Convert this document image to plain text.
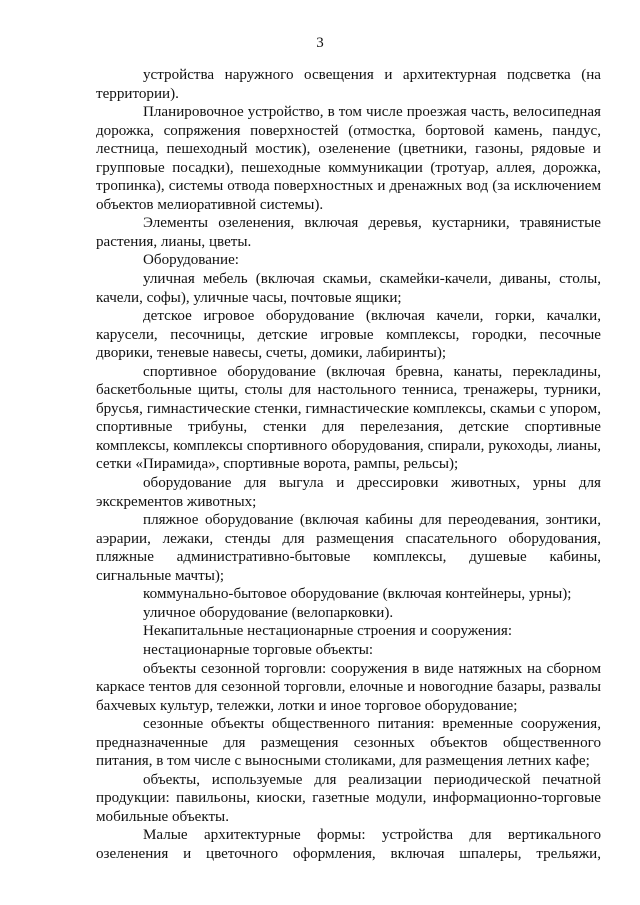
3

устройства наружного освещения и архитектурная подсветка (на территории).

Планировочное устройство, в том числе проезжая часть, велосипедная дорожка, сопряжения поверхностей (отмостка, бортовой камень, пандус, лестница, пешеходный мостик), озеленение (цветники, газоны, рядовые и групповые посадки), пешеходные коммуникации (тротуар, аллея, дорожка, тропинка), системы отвода поверхностных и дренажных вод (за исключением объектов мелиоративной системы).

Элементы озеленения, включая деревья, кустарники, травянистые растения, лианы, цветы.

Оборудование:

уличная мебель (включая скамьи, скамейки-качели, диваны, столы, качели, софы), уличные часы, почтовые ящики;

детское игровое оборудование (включая качели, горки, качалки, карусели, песочницы, детские игровые комплексы, городки, песочные дворики, теневые навесы, счеты, домики, лабиринты);

спортивное оборудование (включая бревна, канаты, перекладины, баскетбольные щиты, столы для настольного тенниса, тренажеры, турники, брусья, гимнастические стенки, гимнастические комплексы, скамьи с упором, спортивные трибуны, стенки для перелезания, детские спортивные комплексы, комплексы спортивного оборудования, спирали, рукоходы, лианы, сетки «Пирамида», спортивные ворота, рампы, рельсы);

оборудование для выгула и дрессировки животных, урны для экскрементов животных;

пляжное оборудование (включая кабины для переодевания, зонтики, аэрарии, лежаки, стенды для размещения спасательного оборудования, пляжные административно-бытовые комплексы, душевые кабины, сигнальные мачты);

коммунально-бытовое оборудование (включая контейнеры, урны);

уличное оборудование (велопарковки).

Некапитальные нестационарные строения и сооружения:

нестационарные торговые объекты:

объекты сезонной торговли: сооружения в виде натяжных на сборном каркасе тентов для сезонной торговли, елочные и новогодние базары, развалы бахчевых культур, тележки, лотки и иное торговое оборудование;

сезонные объекты общественного питания: временные сооружения, предназначенные для размещения сезонных объектов общественного питания, в том числе с выносными столиками, для размещения летних кафе;

объекты, используемые для реализации периодической печатной продукции: павильоны, киоски, газетные модули, информационно-торговые мобильные объекты.

Малые архитектурные формы: устройства для вертикального озеленения и цветочного оформления, включая шпалеры, трельяжи,
